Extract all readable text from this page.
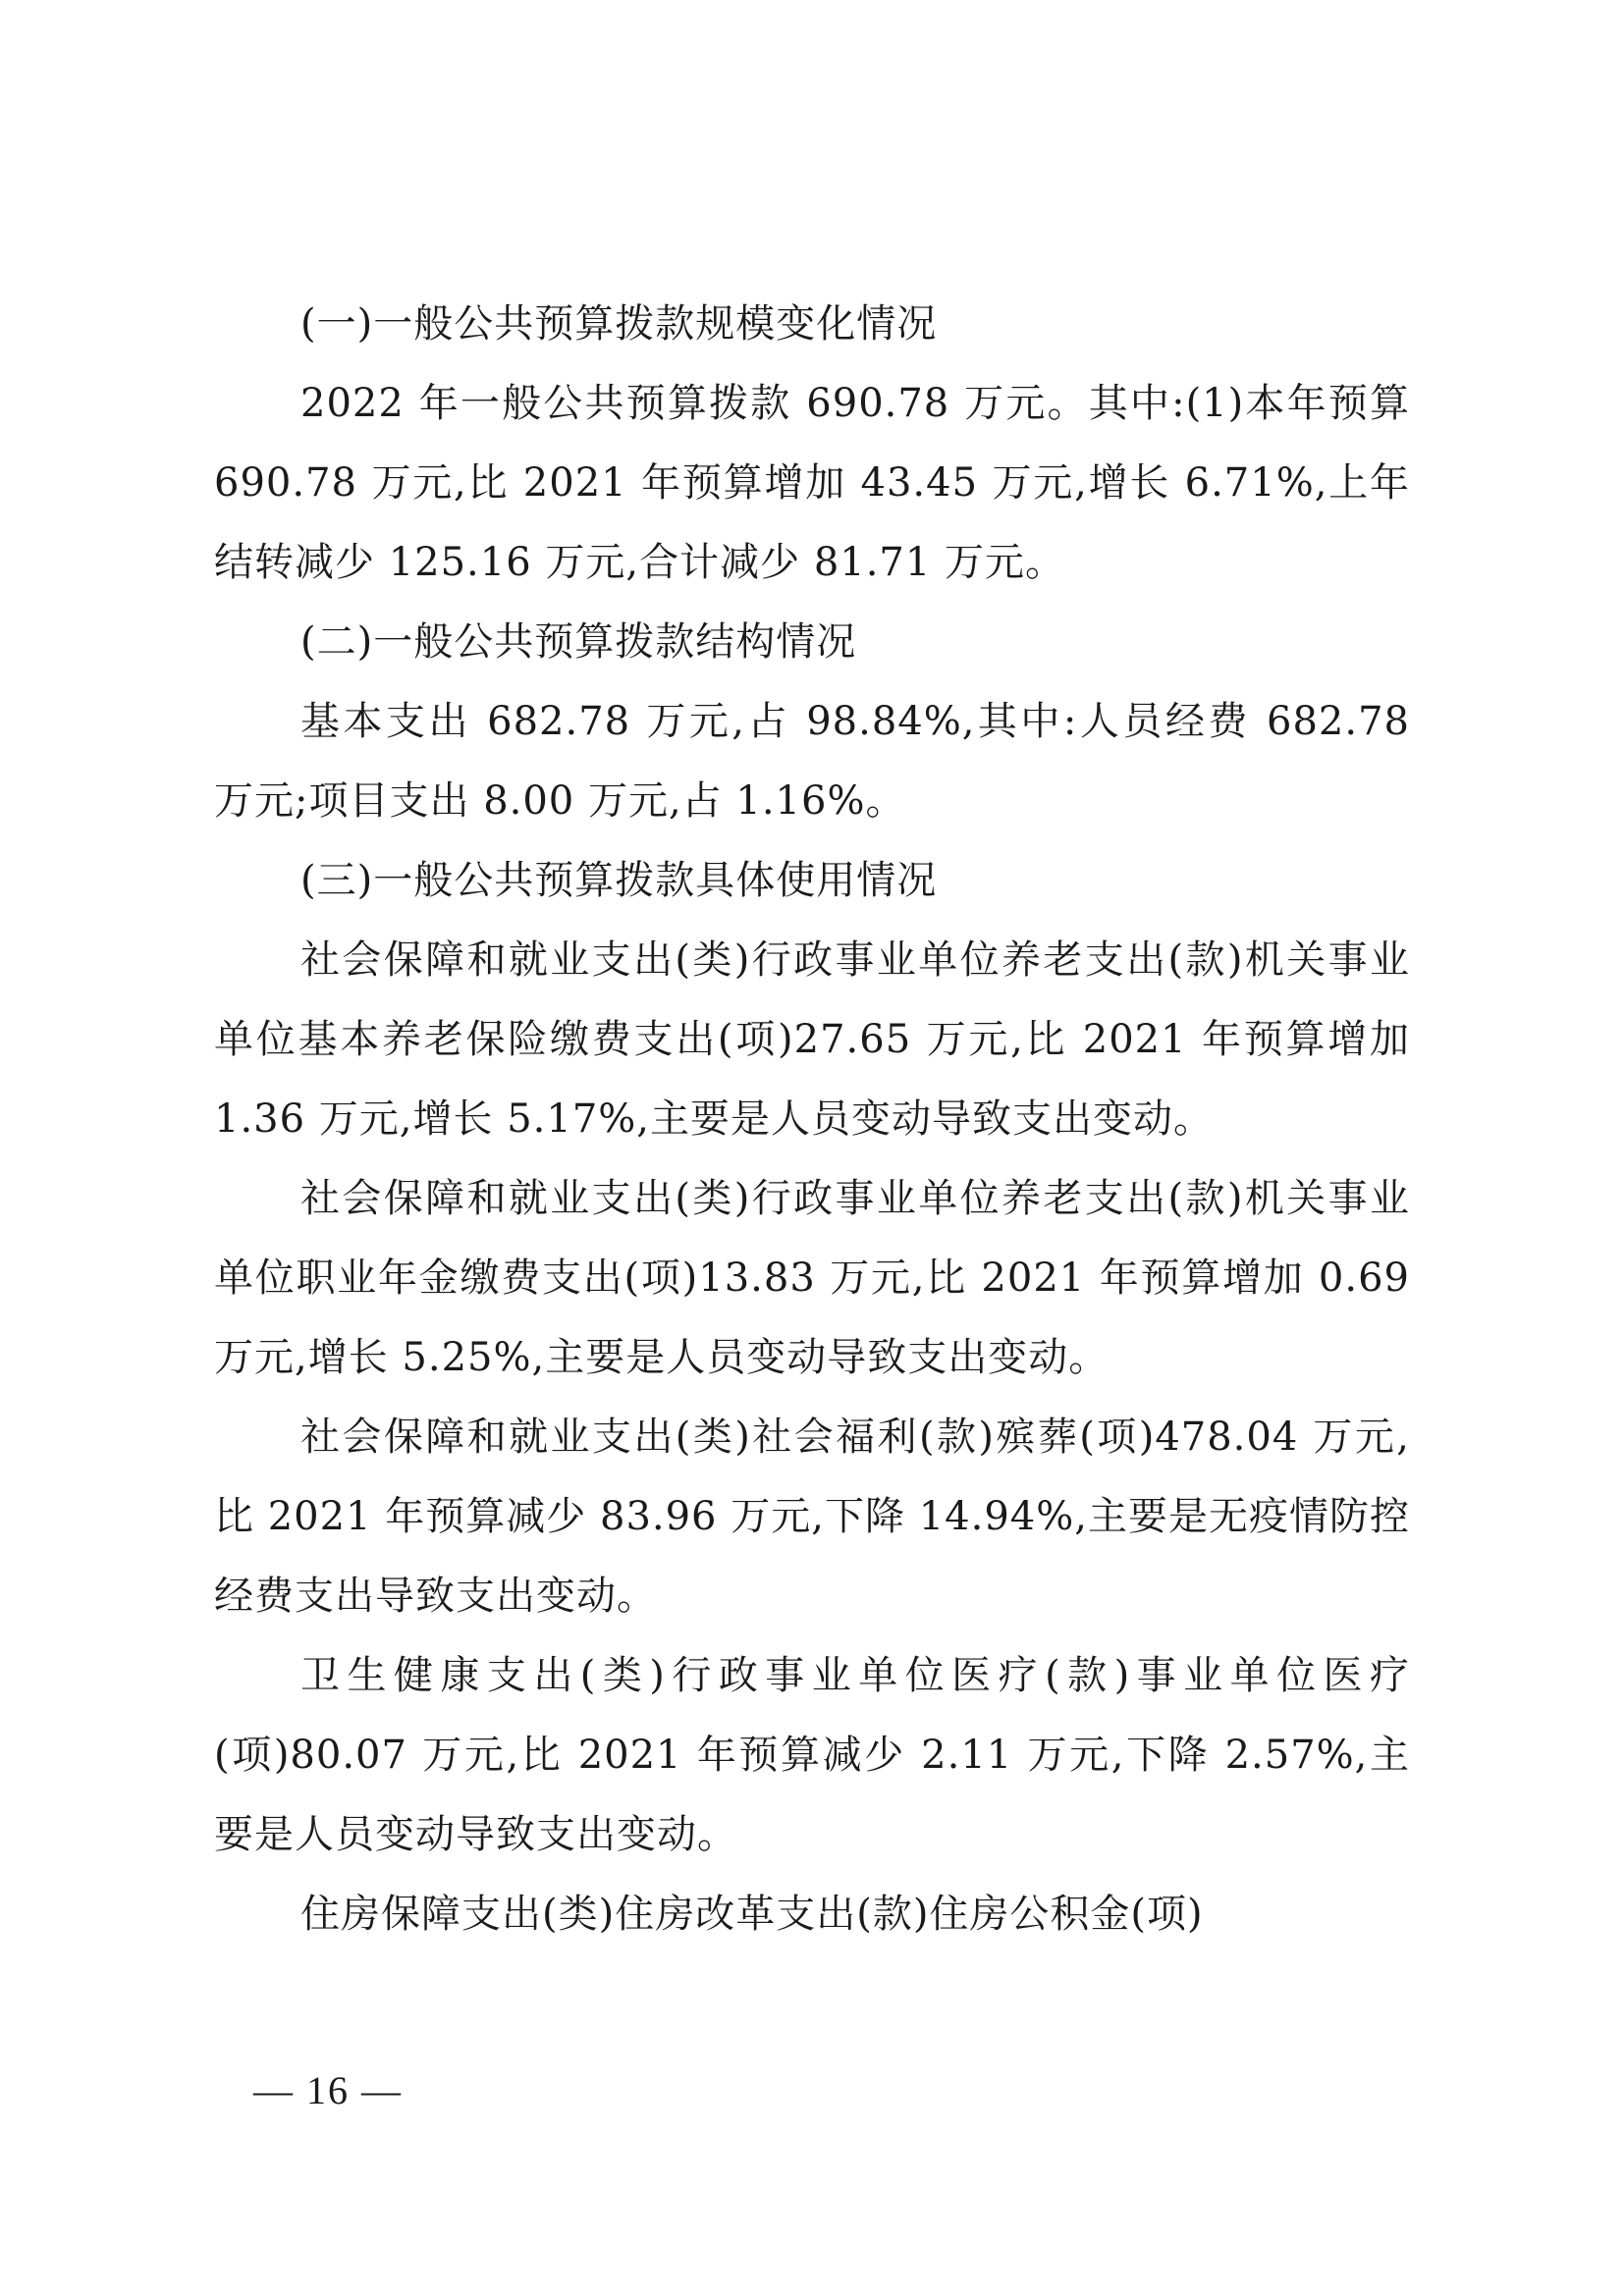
(一)一般公共预算拨款规模变化情况

2022 年一般公共预算拨款 690.78 万元。其中:(1)本年预算 690.78 万元,比 2021 年预算增加 43.45 万元,增长 6.71%,上年结转减少 125.16 万元,合计减少 81.71 万元。

(二)一般公共预算拨款结构情况

基本支出 682.78 万元,占 98.84%,其中:人员经费 682.78 万元;项目支出 8.00 万元,占 1.16%。

(三)一般公共预算拨款具体使用情况

社会保障和就业支出(类)行政事业单位养老支出(款)机关事业单位基本养老保险缴费支出(项)27.65 万元,比 2021 年预算增加 1.36 万元,增长 5.17%,主要是人员变动导致支出变动。

社会保障和就业支出(类)行政事业单位养老支出(款)机关事业单位职业年金缴费支出(项)13.83 万元,比 2021 年预算增加 0.69 万元,增长 5.25%,主要是人员变动导致支出变动。

社会保障和就业支出(类)社会福利(款)殡葬(项)478.04 万元,比 2021 年预算减少 83.96 万元,下降 14.94%,主要是无疫情防控经费支出导致支出变动。

卫生健康支出(类)行政事业单位医疗(款)事业单位医疗(项)80.07 万元,比 2021 年预算减少 2.11 万元,下降 2.57%,主要是人员变动导致支出变动。

住房保障支出(类)住房改革支出(款)住房公积金(项)

— 16 —
